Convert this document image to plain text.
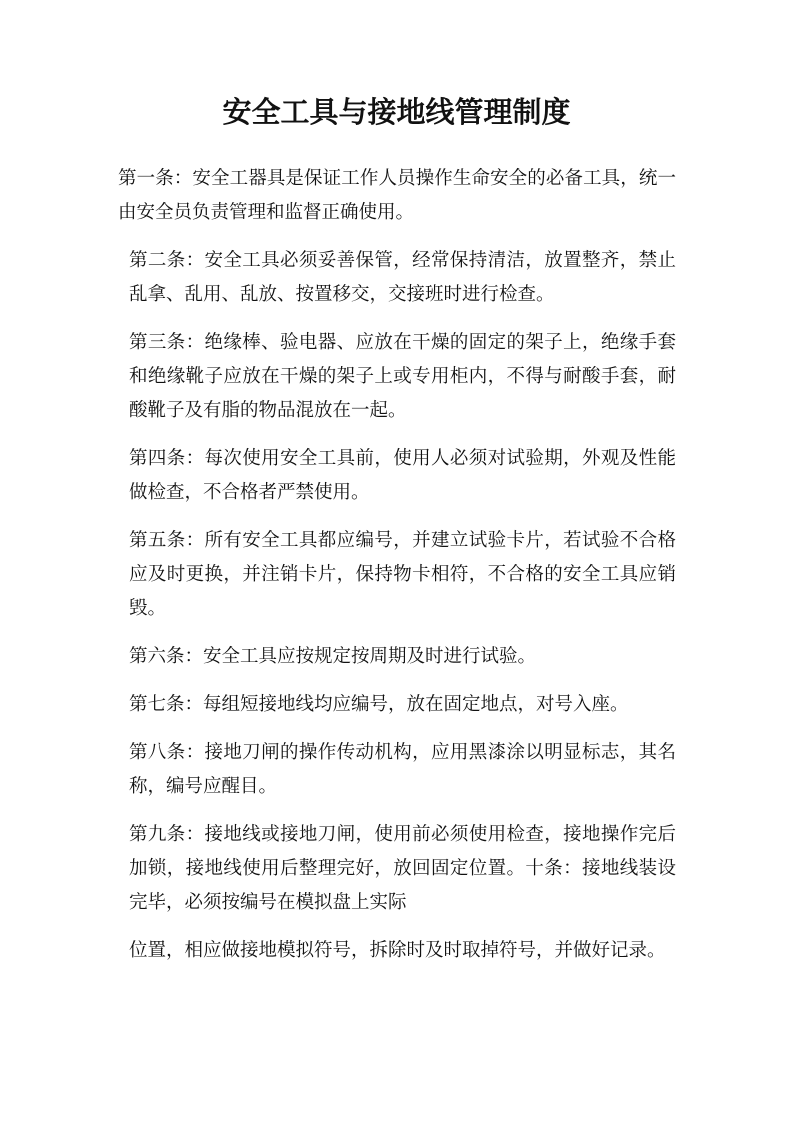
安全工具与接地线管理制度

第一条：安全工器具是保证工作人员操作生命安全的必备工具，统一由安全员负责管理和监督正确使用。

第二条：安全工具必须妥善保管，经常保持清洁，放置整齐，禁止乱拿、乱用、乱放、按置移交，交接班时进行检查。

第三条：绝缘棒、验电器、应放在干燥的固定的架子上，绝缘手套和绝缘靴子应放在干燥的架子上或专用柜内，不得与耐酸手套，耐酸靴子及有脂的物品混放在一起。

第四条：每次使用安全工具前，使用人必须对试验期，外观及性能做检查，不合格者严禁使用。

第五条：所有安全工具都应编号，并建立试验卡片，若试验不合格应及时更换，并注销卡片，保持物卡相符，不合格的安全工具应销毁。

第六条：安全工具应按规定按周期及时进行试验。

第七条：每组短接地线均应编号，放在固定地点，对号入座。

第八条：接地刀闸的操作传动机构，应用黑漆涂以明显标志，其名称，编号应醒目。

第九条：接地线或接地刀闸，使用前必须使用检查，接地操作完后加锁，接地线使用后整理完好，放回固定位置。十条：接地线装设完毕，必须按编号在模拟盘上实际

位置，相应做接地模拟符号，拆除时及时取掉符号，并做好记录。
